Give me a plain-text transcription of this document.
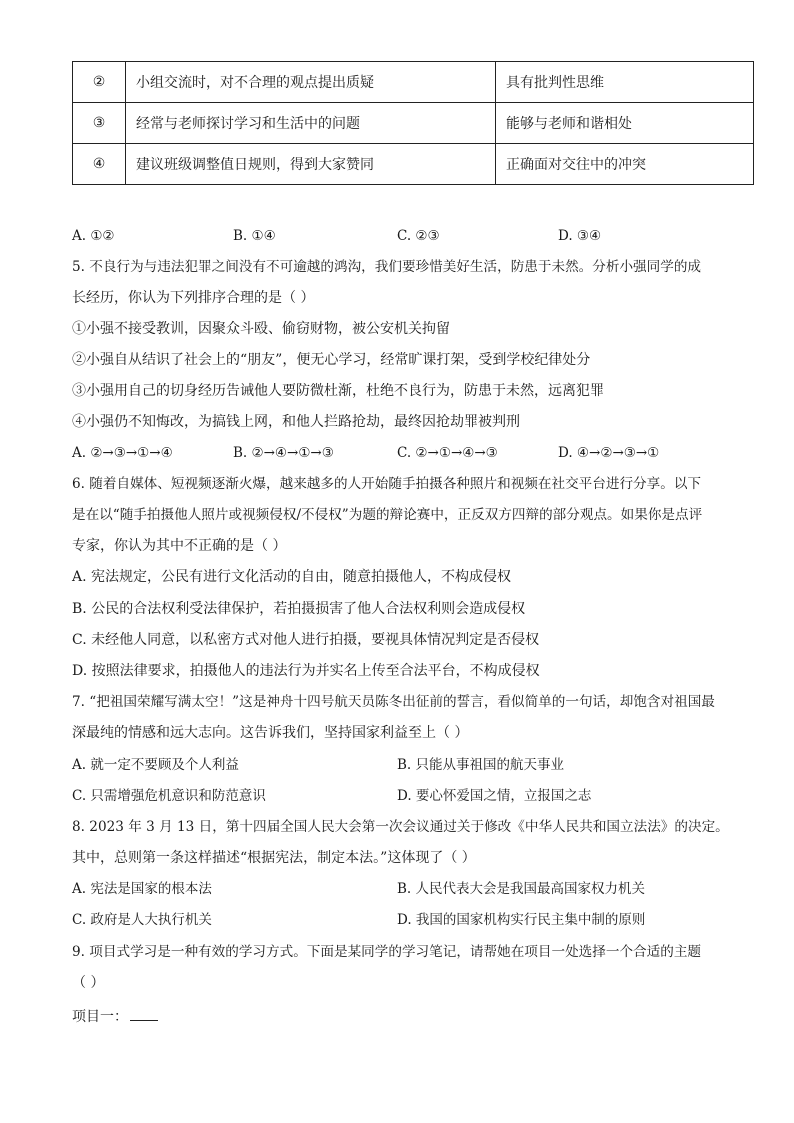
②	小组交流时，对不合理的观点提出质疑	具有批判性思维
③	经常与老师探讨学习和生活中的问题	能够与老师和谐相处
④	建议班级调整值日规则，得到大家赞同	正确面对交往中的冲突
A. ①②	B. ①④	C. ②③	D. ③④
5. 不良行为与违法犯罪之间没有不可逾越的鸿沟，我们要珍惜美好生活，防患于未然。分析小强同学的成
长经历，你认为下列排序合理的是（ ）
①小强不接受教训，因聚众斗殴、偷窃财物，被公安机关拘留
②小强自从结识了社会上的“朋友”，便无心学习，经常旷课打架，受到学校纪律处分
③小强用自己的切身经历告诫他人要防微杜渐，杜绝不良行为，防患于未然，远离犯罪
④小强仍不知悔改，为搞钱上网，和他人拦路抢劫，最终因抢劫罪被判刑
A. ②→③→①→④	B. ②→④→①→③	C. ②→①→④→③	D. ④→②→③→①
6. 随着自媒体、短视频逐渐火爆，越来越多的人开始随手拍摄各种照片和视频在社交平台进行分享。以下
是在以“随手拍摄他人照片或视频侵权/不侵权”为题的辩论赛中，正反双方四辩的部分观点。如果你是点评
专家，你认为其中不正确的是（ ）
A. 宪法规定，公民有进行文化活动的自由，随意拍摄他人，不构成侵权
B. 公民的合法权利受法律保护，若拍摄损害了他人合法权利则会造成侵权
C. 未经他人同意，以私密方式对他人进行拍摄，要视具体情况判定是否侵权
D. 按照法律要求，拍摄他人的违法行为并实名上传至合法平台，不构成侵权
7. “把祖国荣耀写满太空！”这是神舟十四号航天员陈冬出征前的誓言，看似简单的一句话，却饱含对祖国最
深最纯的情感和远大志向。这告诉我们，坚持国家利益至上（ ）
A. 就一定不要顾及个人利益	B. 只能从事祖国的航天事业
C. 只需增强危机意识和防范意识	D. 要心怀爱国之情，立报国之志
8. 2023 年 3 月 13 日，第十四届全国人民大会第一次会议通过关于修改《中华人民共和国立法法》的决定。
其中，总则第一条这样描述“根据宪法，制定本法。”这体现了（ ）
A. 宪法是国家的根本法	B. 人民代表大会是我国最高国家权力机关
C. 政府是人大执行机关	D. 我国的国家机构实行民主集中制的原则
9. 项目式学习是一种有效的学习方式。下面是某同学的学习笔记，请帮她在项目一处选择一个合适的主题
（ ）
项目一：
